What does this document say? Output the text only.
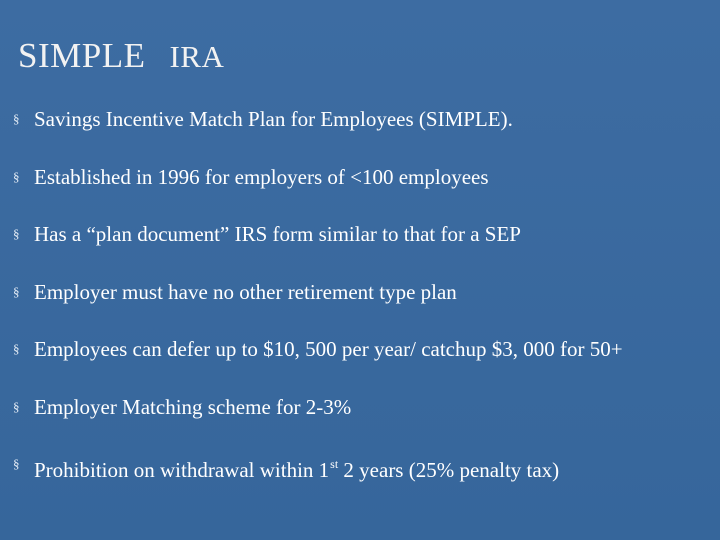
SIMPLE IRA
§ Savings Incentive Match Plan for Employees (SIMPLE).
§ Established in 1996 for employers of <100 employees
§ Has a “plan document” IRS form similar to that for a SEP
§ Employer must have no other retirement type plan
§ Employees can defer up to $10, 500 per year/ catchup $3, 000 for 50+
§ Employer Matching scheme for 2-3%
§ Prohibition on withdrawal within 1st 2 years (25% penalty tax)
